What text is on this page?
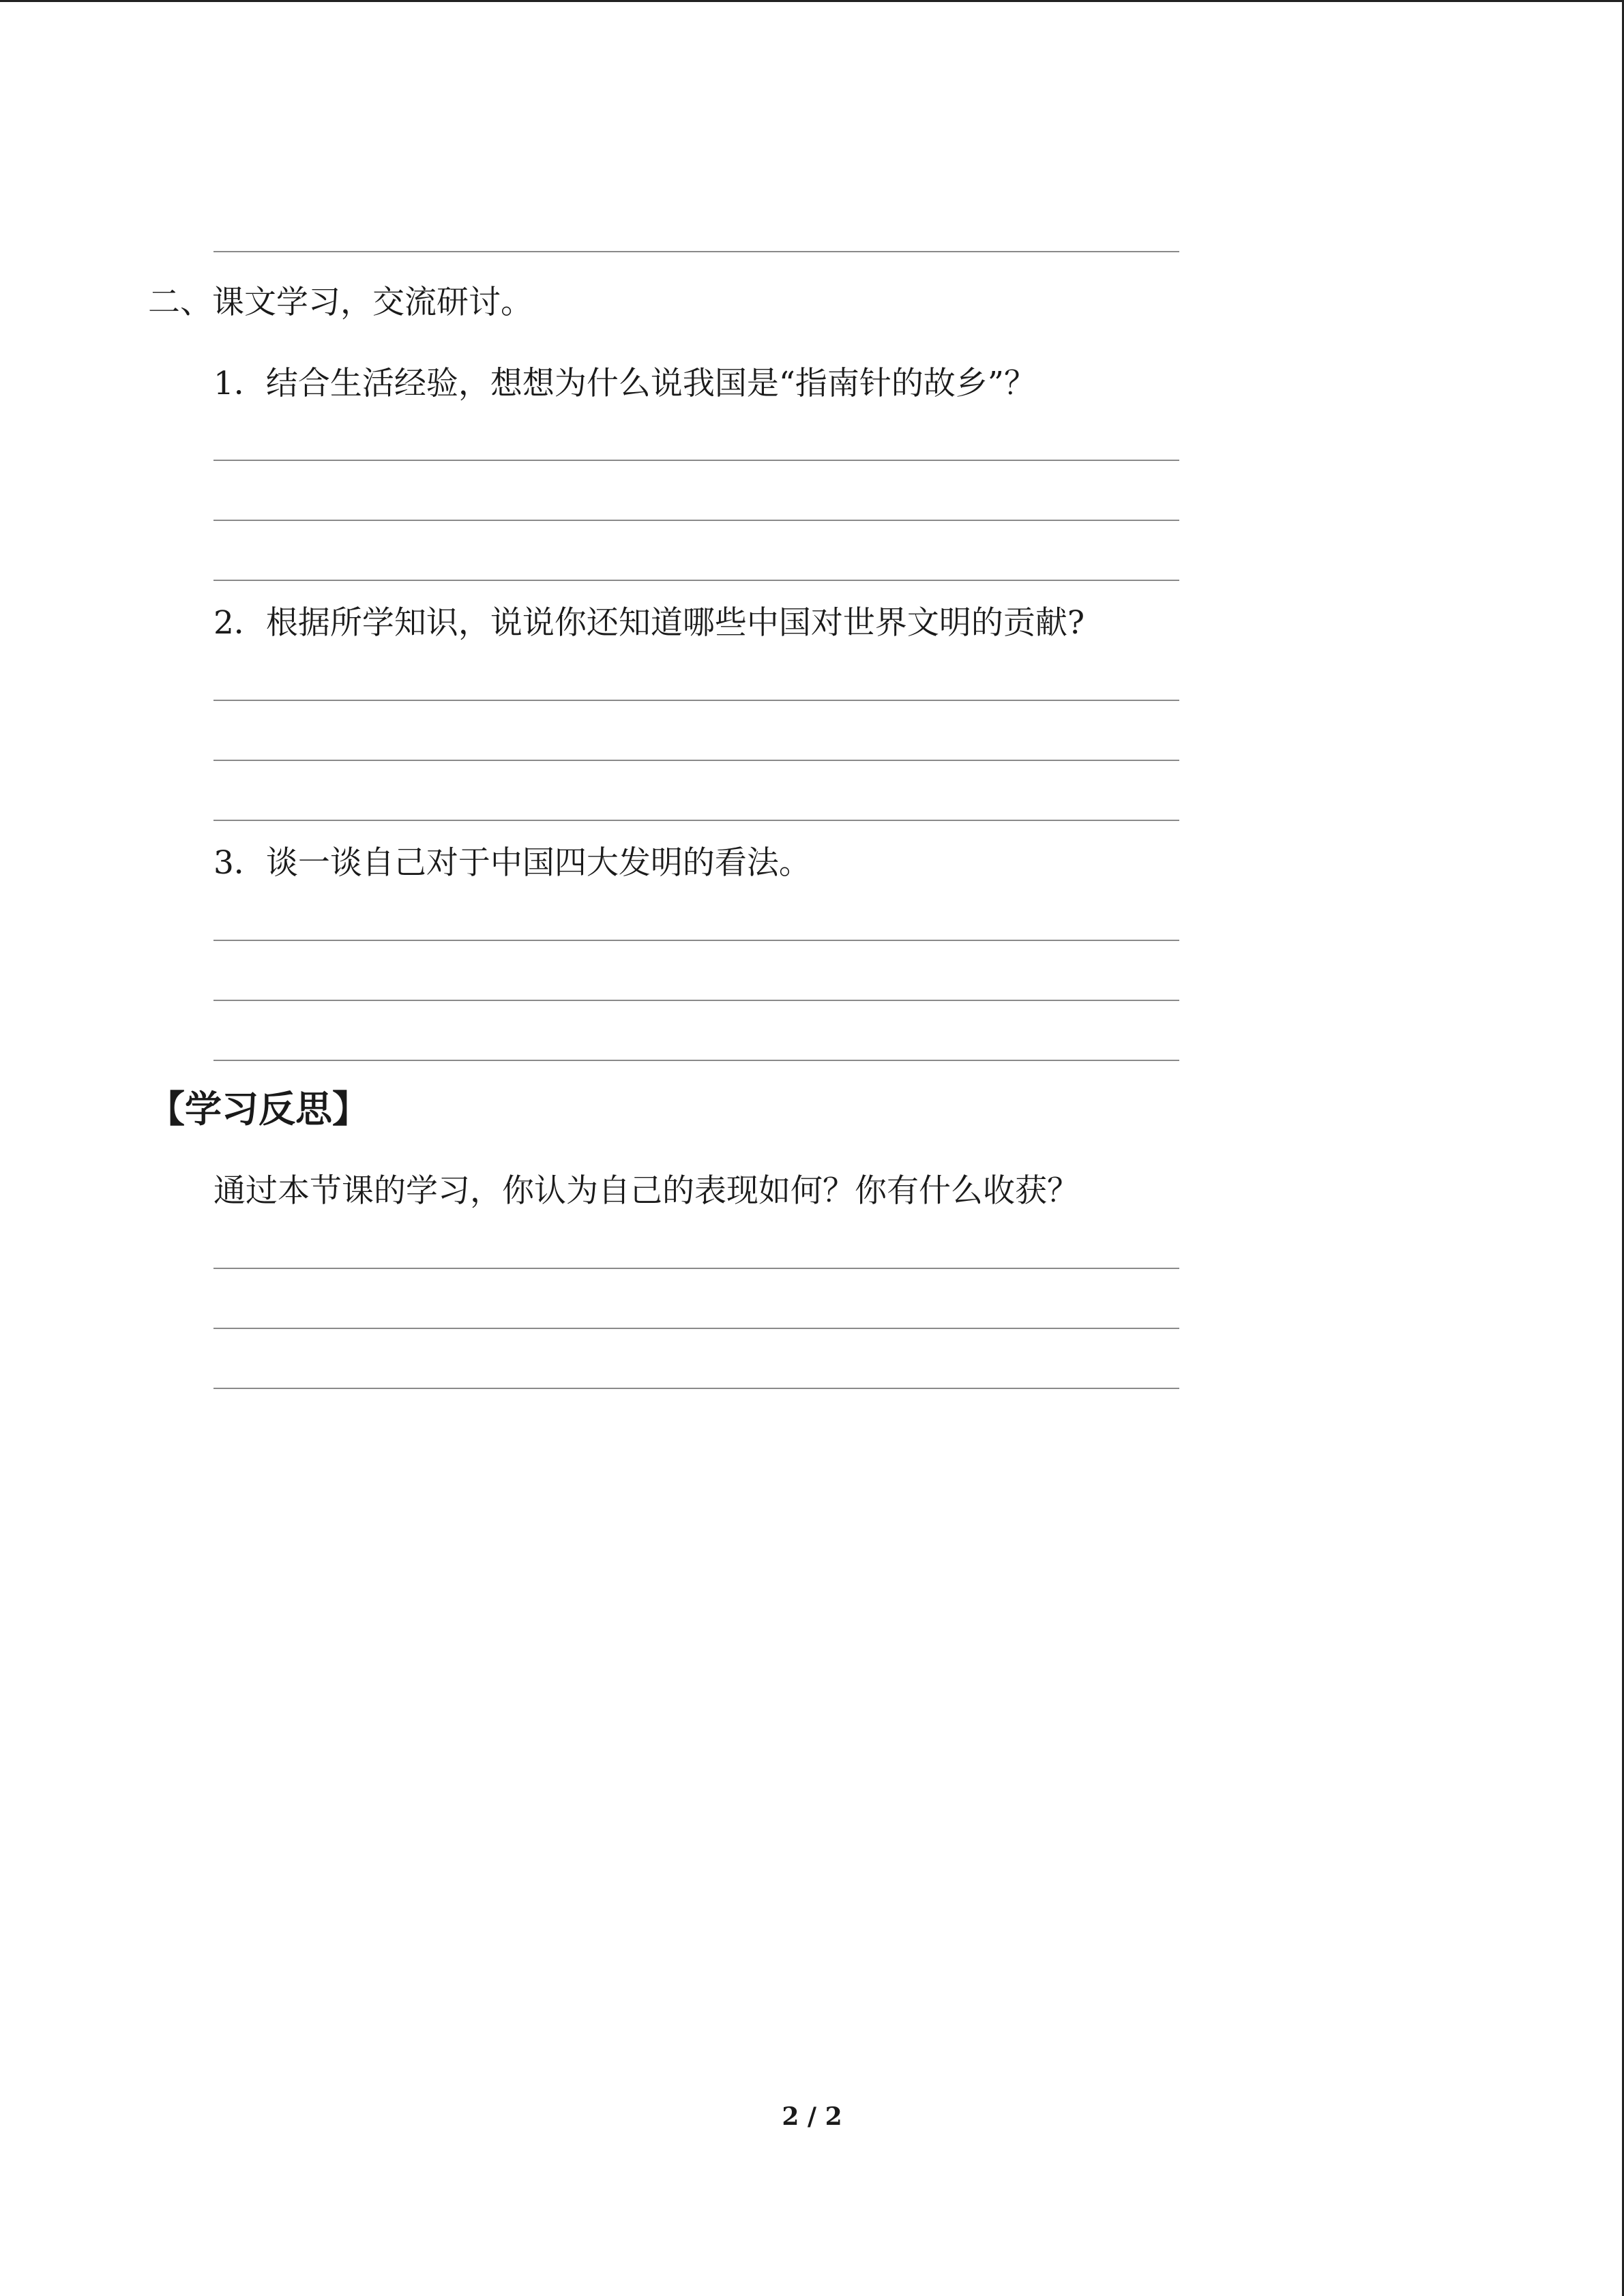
二、课文学习，交流研讨。
1．结合生活经验，想想为什么说我国是“指南针的故乡”？
2．根据所学知识，说说你还知道哪些中国对世界文明的贡献?
3．谈一谈自己对于中国四大发明的看法。
【学习反思】
通过本节课的学习，你认为自己的表现如何？你有什么收获？
2 / 2
